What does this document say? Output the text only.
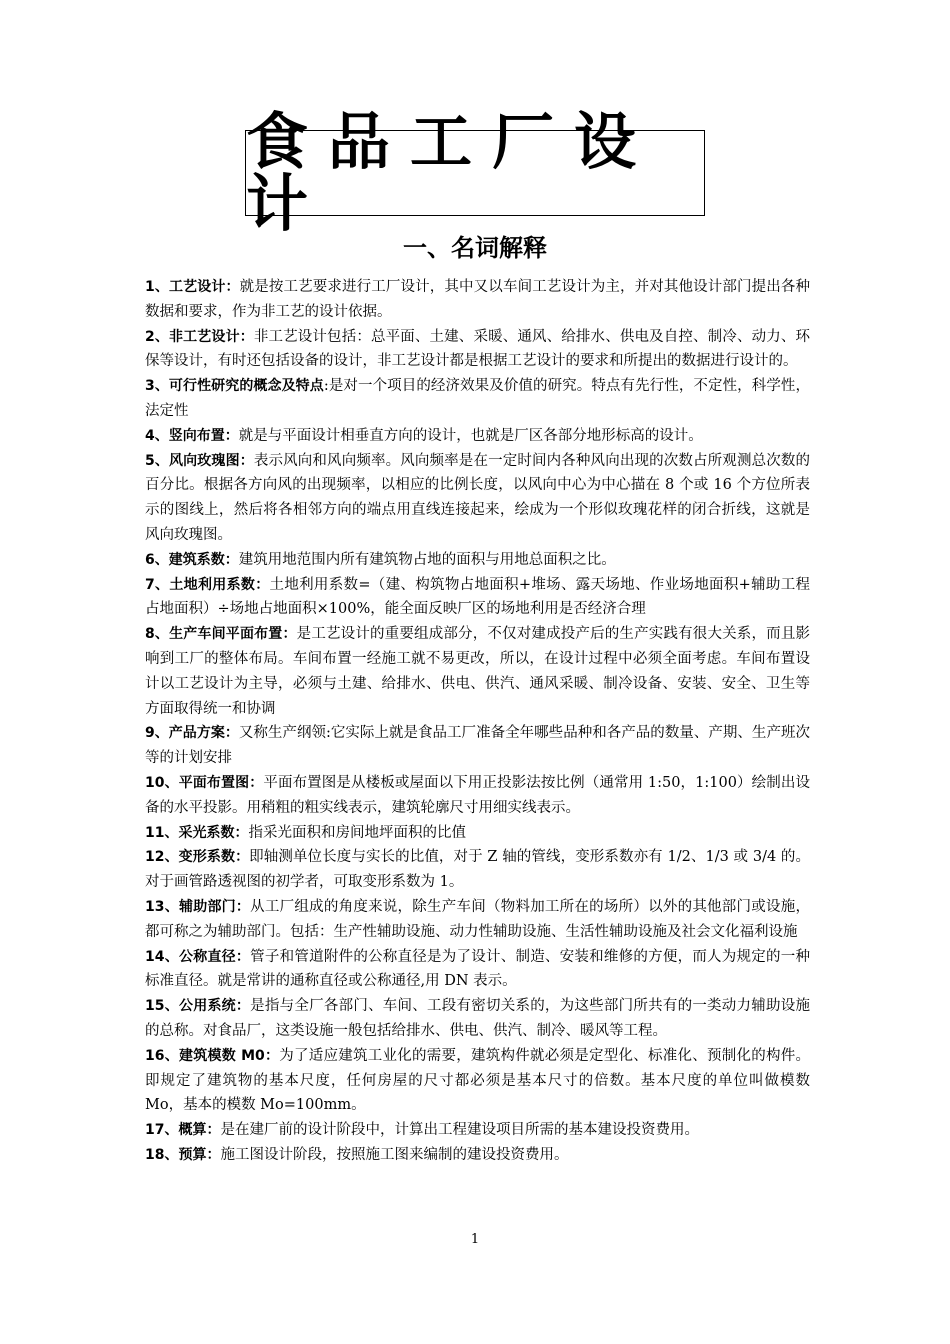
食品工厂设计
一、名词解释

1、工艺设计：就是按工艺要求进行工厂设计，其中又以车间工艺设计为主，并对其他设计部门提出各种数据和要求，作为非工艺的设计依据。

2、非工艺设计：非工艺设计包括：总平面、土建、采暖、通风、给排水、供电及自控、制冷、动力、环保等设计，有时还包括设备的设计，非工艺设计都是根据工艺设计的要求和所提出的数据进行设计的。

3、可行性研究的概念及特点:是对一个项目的经济效果及价值的研究。特点有先行性，不定性，科学性，法定性

4、竖向布置：就是与平面设计相垂直方向的设计，也就是厂区各部分地形标高的设计。

5、风向玫瑰图：表示风向和风向频率。风向频率是在一定时间内各种风向出现的次数占所观测总次数的百分比。根据各方向风的出现频率，以相应的比例长度，以风向中心为中心描在 8 个或 16 个方位所表示的图线上，然后将各相邻方向的端点用直线连接起来，绘成为一个形似玫瑰花样的闭合折线，这就是风向玫瑰图。

6、建筑系数：建筑用地范围内所有建筑物占地的面积与用地总面积之比。

7、土地利用系数：土地利用系数=（建、构筑物占地面积+堆场、露天场地、作业场地面积+辅助工程占地面积）÷场地占地面积×100%，能全面反映厂区的场地利用是否经济合理

8、生产车间平面布置：是工艺设计的重要组成部分，不仅对建成投产后的生产实践有很大关系，而且影响到工厂的整体布局。车间布置一经施工就不易更改，所以，在设计过程中必须全面考虑。车间布置设计以工艺设计为主导，必须与土建、给排水、供电、供汽、通风采暖、制冷设备、安装、安全、卫生等方面取得统一和协调

9、产品方案：又称生产纲领:它实际上就是食品工厂准备全年哪些品种和各产品的数量、产期、生产班次等的计划安排

10、平面布置图：平面布置图是从楼板或屋面以下用正投影法按比例（通常用 1:50，1:100）绘制出设备的水平投影。用稍粗的粗实线表示，建筑轮廓尺寸用细实线表示。

11、采光系数：指采光面积和房间地坪面积的比值

12、变形系数：即轴测单位长度与实长的比值，对于 Z 轴的管线，变形系数亦有 1/2、1/3 或 3/4 的。对于画管路透视图的初学者，可取变形系数为 1。

13、辅助部门：从工厂组成的角度来说，除生产车间（物料加工所在的场所）以外的其他部门或设施，都可称之为辅助部门。包括：生产性辅助设施、动力性辅助设施、生活性辅助设施及社会文化福利设施

14、公称直径：管子和管道附件的公称直径是为了设计、制造、安装和维修的方便，而人为规定的一种标准直径。就是常讲的通称直径或公称通径,用 DN 表示。

15、公用系统：是指与全厂各部门、车间、工段有密切关系的，为这些部门所共有的一类动力辅助设施的总称。对食品厂，这类设施一般包括给排水、供电、供汽、制冷、暖风等工程。

16、建筑模数 M0：为了适应建筑工业化的需要，建筑构件就必须是定型化、标准化、预制化的构件。即规定了建筑物的基本尺度，任何房屋的尺寸都必须是基本尺寸的倍数。基本尺度的单位叫做模数 Mo，基本的模数 Mo=100mm。

17、概算：是在建厂前的设计阶段中，计算出工程建设项目所需的基本建设投资费用。

18、预算：施工图设计阶段，按照施工图来编制的建设投资费用。

1
